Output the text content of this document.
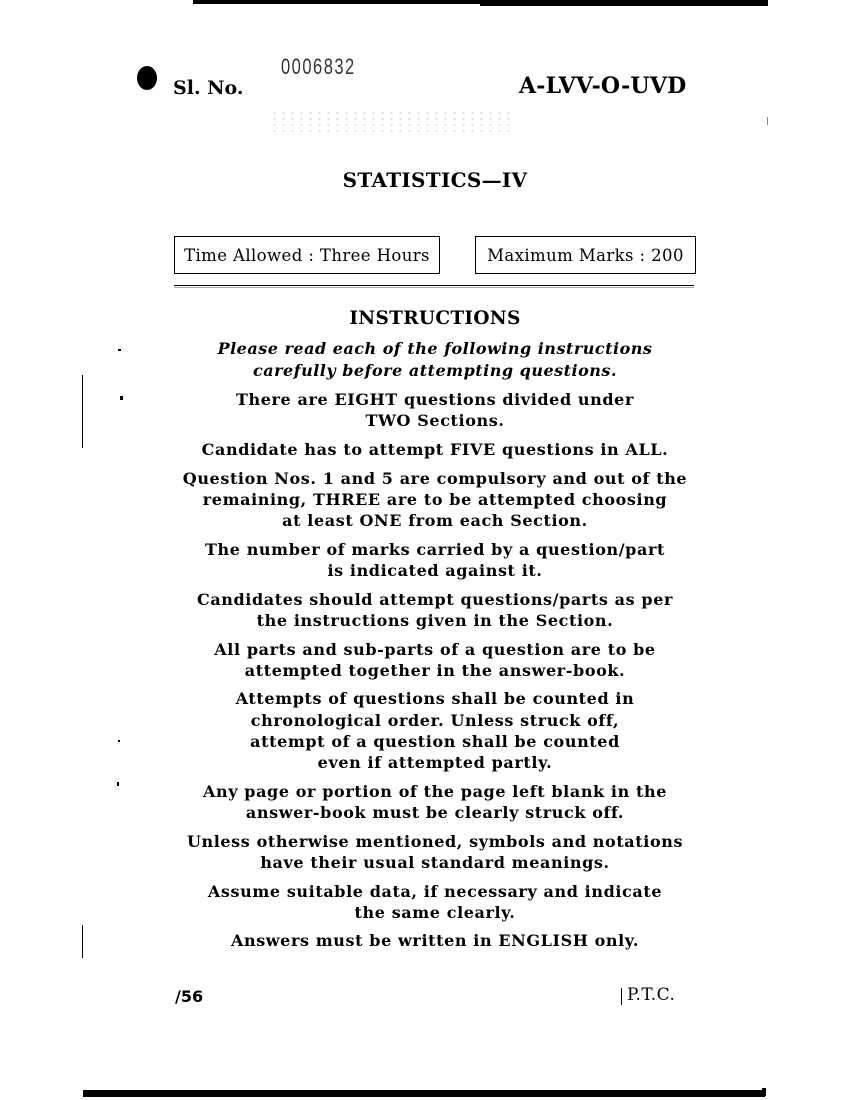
Sl. No.
0006832
A-LVV-O-UVD
STATISTICS—IV
Time Allowed : Three Hours	Maximum Marks : 200
INSTRUCTIONS
Please read each of the following instructions
carefully before attempting questions.
There are EIGHT questions divided under
TWO Sections.
Candidate has to attempt FIVE questions in ALL.
Question Nos. 1 and 5 are compulsory and out of the
remaining, THREE are to be attempted choosing
at least ONE from each Section.
The number of marks carried by a question/part
is indicated against it.
Candidates should attempt questions/parts as per
the instructions given in the Section.
All parts and sub-parts of a question are to be
attempted together in the answer-book.
Attempts of questions shall be counted in
chronological order. Unless struck off,
attempt of a question shall be counted
even if attempted partly.
Any page or portion of the page left blank in the
answer-book must be clearly struck off.
Unless otherwise mentioned, symbols and notations
have their usual standard meanings.
Assume suitable data, if necessary and indicate
the same clearly.
Answers must be written in ENGLISH only.
/56	P.T.C.
